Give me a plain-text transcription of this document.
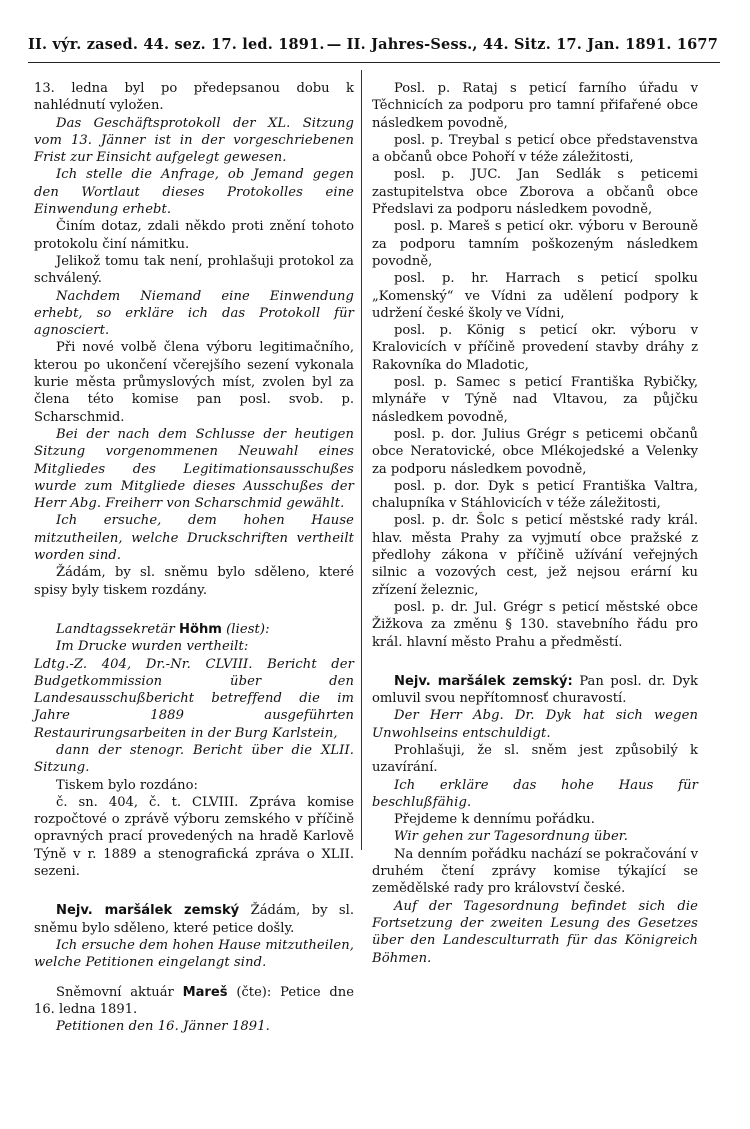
II. výr. zased. 44. sez. 17. led. 1891. — II. Jahres-Sess., 44. Sitz. 17. Jan. 1891. 1677

13. ledna byl po předepsanou dobu k nahlédnutí vyložen.

Das Geschäftsprotokoll der XL. Sitzung vom 13. Jänner ist in der vorgeschriebenen Frist zur Einsicht aufgelegt gewesen.

Ich stelle die Anfrage, ob Jemand gegen den Wortlaut dieses Protokolles eine Einwendung erhebt.

Činím dotaz, zdali někdo proti znění tohoto protokolu činí námitku.

Jelikož tomu tak není, prohlašuji protokol za schválený.

Nachdem Niemand eine Einwendung erhebt, so erkläre ich das Protokoll für agnosciert.

Při nové volbě člena výboru legitimačního, kterou po ukončení včerejšího sezení vykonala kurie města průmyslových míst, zvolen byl za člena této komise pan posl. svob. p. Scharschmid.

Bei der nach dem Schlusse der heutigen Sitzung vorgenommenen Neuwahl eines Mitgliedes des Legitimationsausschußes wurde zum Mitgliede dieses Ausschußes der Herr Abg. Freiherr von Scharschmid gewählt.

Ich ersuche, dem hohen Hause mitzutheilen, welche Druckschriften vertheilt worden sind.

Žádám, by sl. sněmu bylo sděleno, které spisy byly tiskem rozdány.

Landtagssekretär Höhm (liest):

Im Drucke wurden vertheilt:

Ldtg.-Z. 404, Dr.-Nr. CLVIII. Bericht der Budgetkommission über den Landesausschußbericht betreffend die im Jahre 1889 ausgeführten Restaurirungsarbeiten in der Burg Karlstein,

dann der stenogr. Bericht über die XLII. Sitzung.

Tiskem bylo rozdáno:

č. sn. 404, č. t. CLVIII. Zpráva komise rozpočtové o zprávě výboru zemského v příčině opravných prací provedených na hradě Karlově Týně v r. 1889 a stenografická zpráva o XLII. sezeni.

Nejv. maršálek zemský Žádám, by sl. sněmu bylo sděleno, které petice došly.

Ich ersuche dem hohen Hause mitzutheilen, welche Petitionen eingelangt sind.

Sněmovní aktuár Mareš (čte): Petice dne 16. ledna 1891.

Petitionen den 16. Jänner 1891.

Posl. p. Rataj s peticí farního úřadu v Těchnicích za podporu pro tamní přifařené obce následkem povodně,

posl. p. Treybal s peticí obce představenstva a občanů obce Pohoří v téže záležitosti,

posl. p. JUC. Jan Sedlák s peticemi zastupitelstva obce Zborova a občanů obce Předslavi za podporu následkem povodně,

posl. p. Mareš s peticí okr. výboru v Berouně za podporu tamním poškozeným následkem povodně,

posl. p. hr. Harrach s peticí spolku „Komenský“ ve Vídni za udělení podpory k udržení české školy ve Vídni,

posl. p. König s peticí okr. výboru v Kralovicích v příčině provedení stavby dráhy z Rakovníka do Mladotic,

posl. p. Samec s peticí Františka Rybičky, mlynáře v Týně nad Vltavou, za půjčku následkem povodně,

posl. p. dor. Julius Grégr s peticemi občanů obce Neratovické, obce Mlékojedské a Velenky za podporu následkem povodně,

posl. p. dor. Dyk s peticí Františka Valtra, chalupníka v Stáhlovicích v téže záležitosti,

posl. p. dr. Šolc s peticí městské rady král. hlav. města Prahy za vyjmutí obce pražské z předlohy zákona v příčině užívání veřejných silnic a vozových cest, jež nejsou erární ku zřízení železnic,

posl. p. dr. Jul. Grégr s peticí městské obce Žižkova za změnu § 130. stavebního řádu pro král. hlavní město Prahu a předměstí.

Nejv. maršálek zemský: Pan posl. dr. Dyk omluvil svou nepřítomnosť churavostí.

Der Herr Abg. Dr. Dyk hat sich wegen Unwohlseins entschuldigt.

Prohlašuji, že sl. sněm jest způsobilý k uzavírání.

Ich erkläre das hohe Haus für beschlußfähig.

Přejdeme k dennímu pořádku.

Wir gehen zur Tagesordnung über.

Na denním pořádku nachází se pokračování v druhém čtení zprávy komise týkající se zemědělské rady pro království české.

Auf der Tagesordnung befindet sich die Fortsetzung der zweiten Lesung des Gesetzes über den Landesculturrath für das Königreich Böhmen.
